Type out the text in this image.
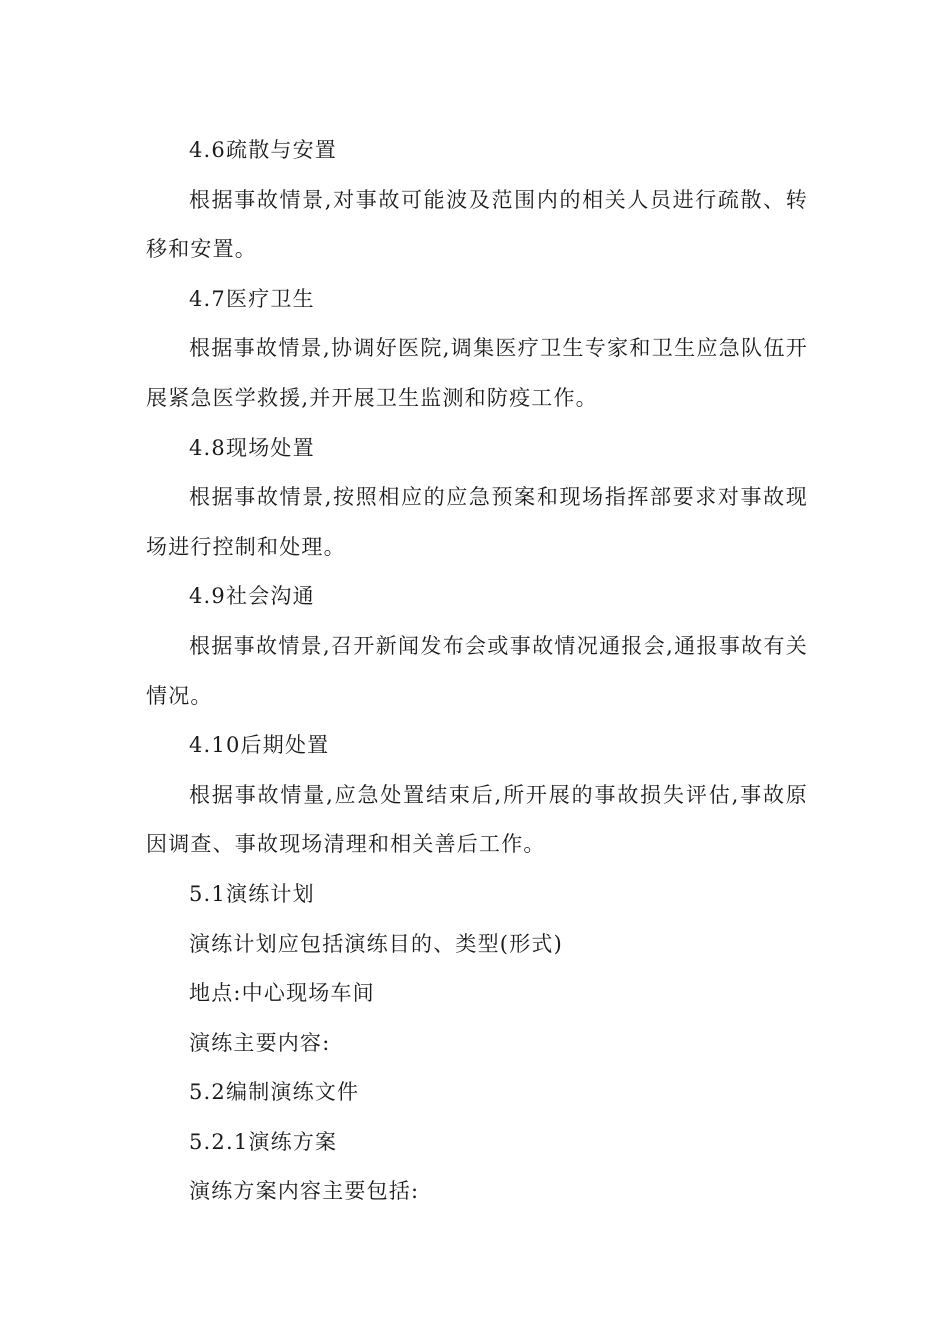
4.6疏散与安置
根据事故情景,对事故可能波及范围内的相关人员进行疏散、转移和安置。
4.7医疗卫生
根据事故情景,协调好医院,调集医疗卫生专家和卫生应急队伍开展紧急医学救援,并开展卫生监测和防疫工作。
4.8现场处置
根据事故情景,按照相应的应急预案和现场指挥部要求对事故现场进行控制和处理。
4.9社会沟通
根据事故情景,召开新闻发布会或事故情况通报会,通报事故有关情况。
4.10后期处置
根据事故情量,应急处置结束后,所开展的事故损失评估,事故原因调查、事故现场清理和相关善后工作。
5.1演练计划
演练计划应包括演练目的、类型(形式)
地点:中心现场车间
演练主要内容:
5.2编制演练文件
5.2.1演练方案
演练方案内容主要包括:
